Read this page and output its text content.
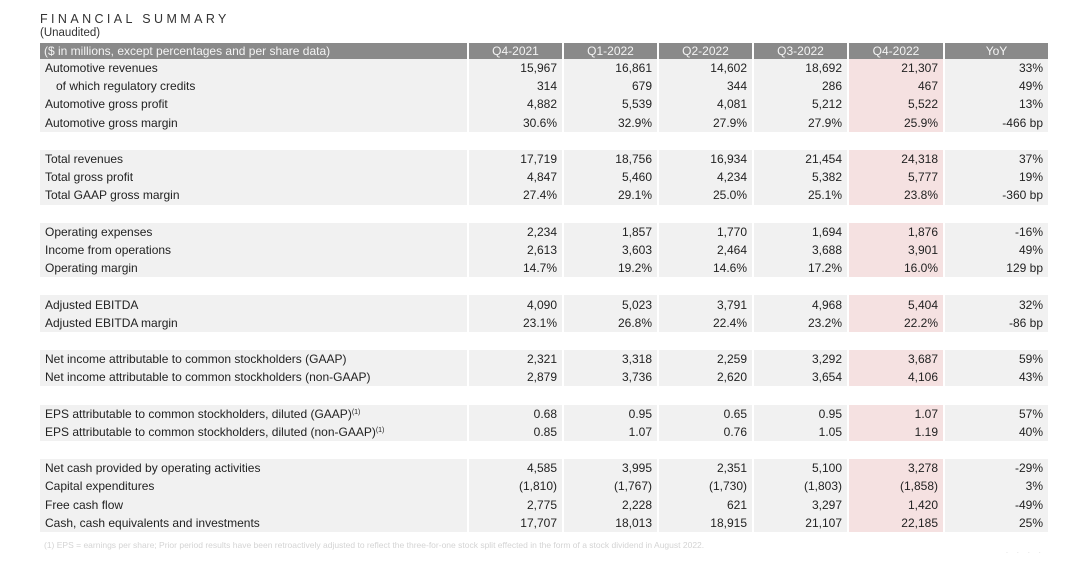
FINANCIAL SUMMARY
(Unaudited)
($ in millions, except percentages and per share data)	Q4-2021	Q1-2022	Q2-2022	Q3-2022	Q4-2022	YoY
Automotive revenues	15,967	16,861	14,602	18,692	21,307	33%
of which regulatory credits	314	679	344	286	467	49%
Automotive gross profit	4,882	5,539	4,081	5,212	5,522	13%
Automotive gross margin	30.6%	32.9%	27.9%	27.9%	25.9%	-466 bp

Total revenues	17,719	18,756	16,934	21,454	24,318	37%
Total gross profit	4,847	5,460	4,234	5,382	5,777	19%
Total GAAP gross margin	27.4%	29.1%	25.0%	25.1%	23.8%	-360 bp

Operating expenses	2,234	1,857	1,770	1,694	1,876	-16%
Income from operations	2,613	3,603	2,464	3,688	3,901	49%
Operating margin	14.7%	19.2%	14.6%	17.2%	16.0%	129 bp

Adjusted EBITDA	4,090	5,023	3,791	4,968	5,404	32%
Adjusted EBITDA margin	23.1%	26.8%	22.4%	23.2%	22.2%	-86 bp

Net income attributable to common stockholders (GAAP)	2,321	3,318	2,259	3,292	3,687	59%
Net income attributable to common stockholders (non-GAAP)	2,879	3,736	2,620	3,654	4,106	43%

EPS attributable to common stockholders, diluted (GAAP)$^{(1)}$	0.68	0.95	0.65	0.95	1.07	57%
EPS attributable to common stockholders, diluted (non-GAAP)$^{(1)}$	0.85	1.07	0.76	1.05	1.19	40%

Net cash provided by operating activities	4,585	3,995	2,351	5,100	3,278	-29%
Capital expenditures	(1,810)	(1,767)	(1,730)	(1,803)	(1,858)	3%
Free cash flow	2,775	2,228	621	3,297	1,420	-49%
Cash, cash equivalents and investments	17,707	18,013	18,915	21,107	22,185	25%
(1) EPS = earnings per share; Prior period results have been retroactively adjusted to reflect the three-for-one stock split effected in the form of a stock dividend in August 2022.
· · · ·
